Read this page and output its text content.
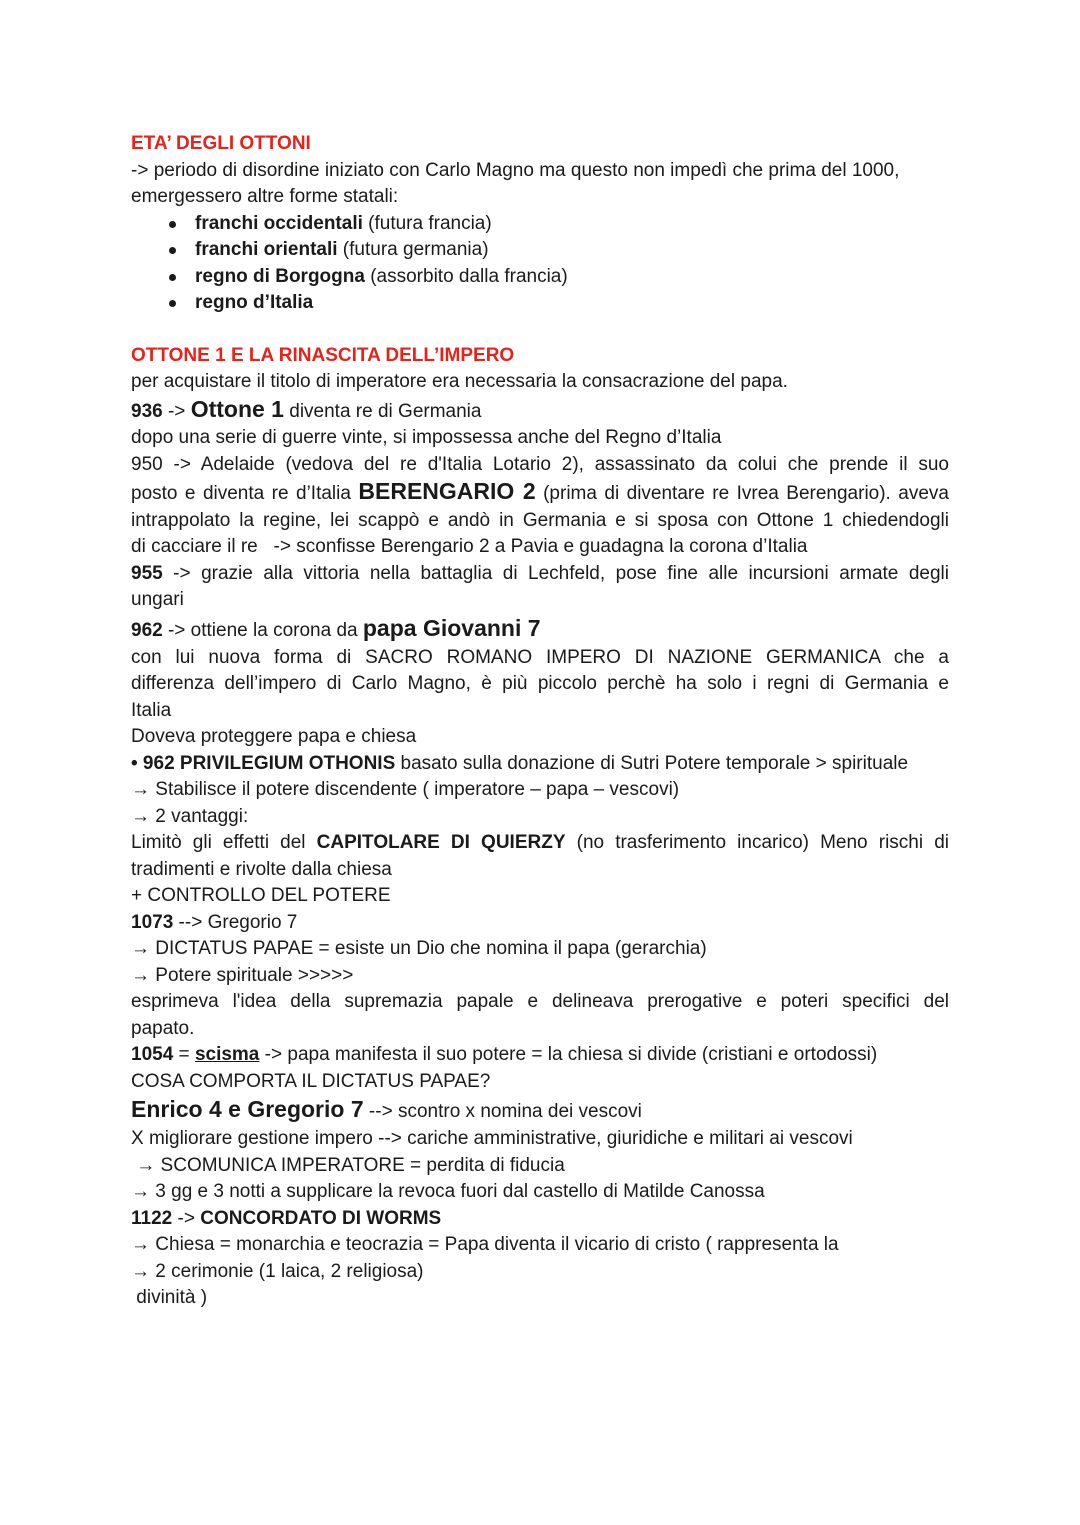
ETA’ DEGLI OTTONI
-> periodo di disordine iniziato con Carlo Magno ma questo non impedì che prima del 1000,
emergessero altre forme statali:
franchi occidentali (futura francia)
franchi orientali (futura germania)
regno di Borgogna (assorbito dalla francia)
regno d’Italia
OTTONE 1 E LA RINASCITA DELL’IMPERO
per acquistare il titolo di imperatore era necessaria la consacrazione del papa.
936 -> Ottone 1 diventa re di Germania
dopo una serie di guerre vinte, si impossessa anche del Regno d’Italia
950 -> Adelaide (vedova del re d'Italia Lotario 2), assassinato da colui che prende il suo
posto e diventa re d’Italia BERENGARIO 2 (prima di diventare re Ivrea Berengario). aveva
intrappolato la regine, lei scappò e andò in Germania e si sposa con Ottone 1 chiedendogli
di cacciare il re   -> sconfisse Berengario 2 a Pavia e guadagna la corona d’Italia
955 -> grazie alla vittoria nella battaglia di Lechfeld, pose fine alle incursioni armate degli
ungari
962 -> ottiene la corona da papa Giovanni 7
con lui nuova forma di SACRO ROMANO IMPERO DI NAZIONE GERMANICA che a
differenza dell’impero di Carlo Magno, è più piccolo perchè ha solo i regni di Germania e
Italia
Doveva proteggere papa e chiesa
• 962 PRIVILEGIUM OTHONIS basato sulla donazione di Sutri Potere temporale > spirituale
→ Stabilisce il potere discendente ( imperatore – papa – vescovi)
→ 2 vantaggi:
Limitò gli effetti del CAPITOLARE DI QUIERZY (no trasferimento incarico) Meno rischi di
tradimenti e rivolte dalla chiesa
+ CONTROLLO DEL POTERE
1073 --> Gregorio 7
→ DICTATUS PAPAE = esiste un Dio che nomina il papa (gerarchia)
→ Potere spirituale >>>>>
esprimeva l'idea della supremazia papale e delineava prerogative e poteri specifici del
papato.
1054 = scisma -> papa manifesta il suo potere = la chiesa si divide (cristiani e ortodossi)
COSA COMPORTA IL DICTATUS PAPAE?
Enrico 4 e Gregorio 7 --> scontro x nomina dei vescovi
X migliorare gestione impero --> cariche amministrative, giuridiche e militari ai vescovi
→ SCOMUNICA IMPERATORE = perdita di fiducia
→ 3 gg e 3 notti a supplicare la revoca fuori dal castello di Matilde Canossa
1122 -> CONCORDATO DI WORMS
→ Chiesa = monarchia e teocrazia = Papa diventa il vicario di cristo ( rappresenta la
→ 2 cerimonie (1 laica, 2 religiosa)
divinità )
